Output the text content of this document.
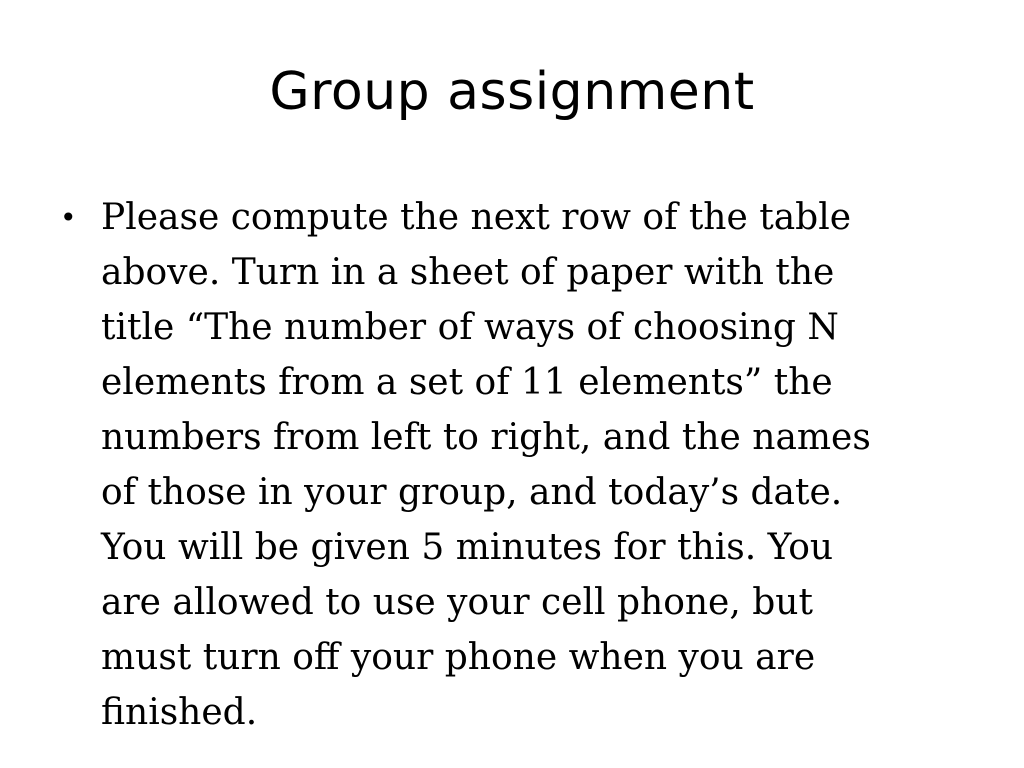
Group assignment
• Please compute the next row of the table
above. Turn in a sheet of paper with the
title “The number of ways of choosing N
elements from a set of 11 elements” the
numbers from left to right, and the names
of those in your group, and today’s date.
You will be given 5 minutes for this. You
are allowed to use your cell phone, but
must turn off your phone when you are
finished.
